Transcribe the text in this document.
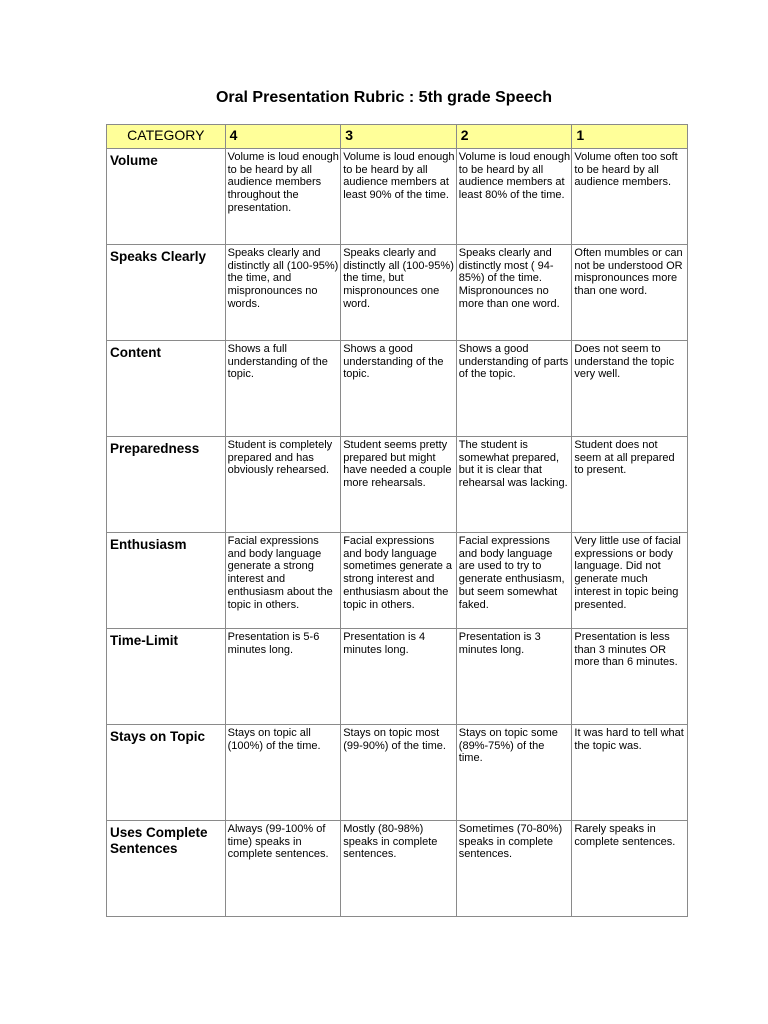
Oral Presentation Rubric : 5th grade Speech
CATEGORY	4	3	2	1
Volume	Volume is loud enough to be heard by all audience members throughout the presentation.	Volume is loud enough to be heard by all audience members at least 90% of the time.	Volume is loud enough to be heard by all audience members at least 80% of the time.	Volume often too soft to be heard by all audience members.
Speaks Clearly	Speaks clearly and distinctly all (100-95%) the time, and mispronounces no words.	Speaks clearly and distinctly all (100-95%) the time, but mispronounces one word.	Speaks clearly and distinctly most ( 94-85%) of the time. Mispronounces no more than one word.	Often mumbles or can not be understood OR mispronounces more than one word.
Content	Shows a full understanding of the topic.	Shows a good understanding of the topic.	Shows a good understanding of parts of the topic.	Does not seem to understand the topic very well.
Preparedness	Student is completely prepared and has obviously rehearsed.	Student seems pretty prepared but might have needed a couple more rehearsals.	The student is somewhat prepared, but it is clear that rehearsal was lacking.	Student does not seem at all prepared to present.
Enthusiasm	Facial expressions and body language generate a strong interest and enthusiasm about the topic in others.	Facial expressions and body language sometimes generate a strong interest and enthusiasm about the topic in others.	Facial expressions and body language are used to try to generate enthusiasm, but seem somewhat faked.	Very little use of facial expressions or body language. Did not generate much interest in topic being presented.
Time-Limit	Presentation is 5-6 minutes long.	Presentation is 4 minutes long.	Presentation is 3 minutes long.	Presentation is less than 3 minutes OR more than 6 minutes.
Stays on Topic	Stays on topic all (100%) of the time.	Stays on topic most (99-90%) of the time.	Stays on topic some (89%-75%) of the time.	It was hard to tell what the topic was.
Uses Complete Sentences	Always (99-100% of time) speaks in complete sentences.	Mostly (80-98%) speaks in complete sentences.	Sometimes (70-80%) speaks in complete sentences.	Rarely speaks in complete sentences.
